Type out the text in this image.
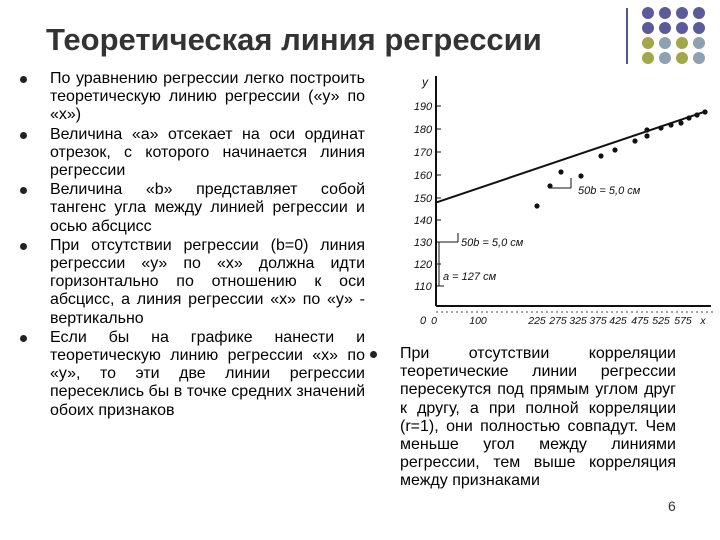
Теоретическая линия регрессии
По уравнению регрессии легко построить теоретическую линию регрессии («у» по «х»)
Величина «а» отсекает на оси ординат отрезок, с которого начинается линия регрессии
Величина «b» представляет собой тангенс угла между линией регрессии и осью абсцисс
При отсутствии регрессии (b=0) линия регрессии «у» по «х» должна идти горизонтально по отношению к оси абсцисс, а линия регрессии «х» по «у» - вертикально
Если бы на графике нанести и теоретическую линию регрессии «х» по «у», то эти две линии регрессии пересеклись бы в точке средних значений обоих признаков
При отсутствии корреляции теоретические линии регрессии пересекутся под прямым углом друг к другу, а при полной корреляции (r=1), они полностью совпадут. Чем меньше угол между линиями регрессии, тем выше корреляция между признаками
y
190
180
170
160
150
140
130
120
110
0 0	100	225 275 325 375 425 475 525 575 x
50b = 5,0 см
50b = 5,0 см
a = 127 см
6
